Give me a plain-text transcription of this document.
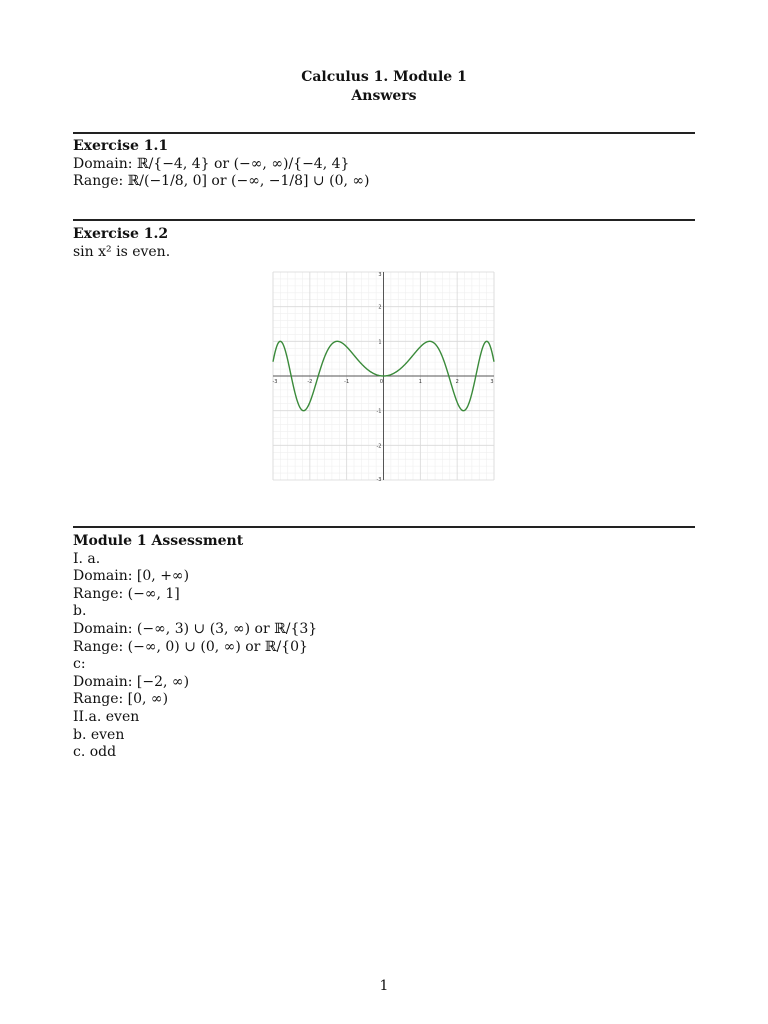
Calculus 1. Module 1
Answers
Exercise 1.1
Domain: ℝ/{−4, 4} or (−∞, ∞)/{−4, 4}
Range: ℝ/(−1/8, 0] or (−∞, −1/8] ∪ (0, ∞)
Exercise 1.2
sin x² is even.
-3	-2	-1	0	1	2	3
3
2
1
-1
-2
-3
Module 1 Assessment
I. a.
Domain: [0, +∞)
Range: (−∞, 1]
b.
Domain: (−∞, 3) ∪ (3, ∞) or ℝ/{3}
Range: (−∞, 0) ∪ (0, ∞) or ℝ/{0}
c:
Domain: [−2, ∞)
Range: [0, ∞)
II.a. even
b. even
c. odd
1
